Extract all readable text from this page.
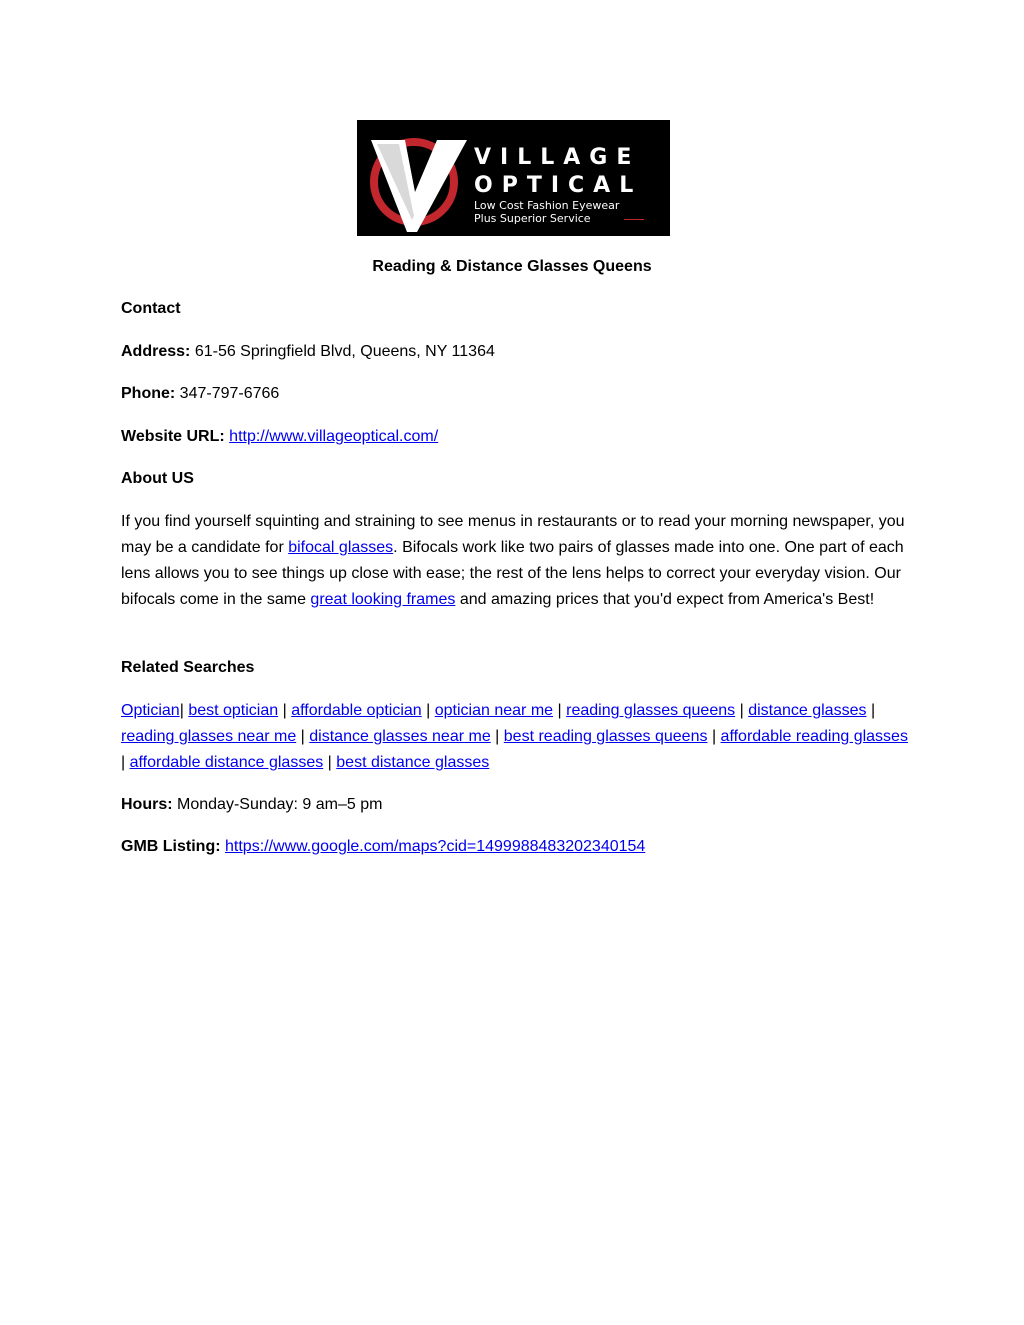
VILLAGE
OPTICAL
Low Cost Fashion Eyewear
Plus Superior Service
Reading & Distance Glasses Queens
Contact
Address: 61-56 Springfield Blvd, Queens, NY 11364
Phone: 347-797-6766
Website URL: http://www.villageoptical.com/
About US
If you find yourself squinting and straining to see menus in restaurants or to read your morning newspaper, you may be a candidate for bifocal glasses. Bifocals work like two pairs of glasses made into one. One part of each lens allows you to see things up close with ease; the rest of the lens helps to correct your everyday vision. Our bifocals come in the same great looking frames and amazing prices that you'd expect from America's Best!
Related Searches
Optician| best optician | affordable optician | optician near me | reading glasses queens | distance glasses | reading glasses near me | distance glasses near me | best reading glasses queens | affordable reading glasses | affordable distance glasses | best distance glasses
Hours: Monday-Sunday: 9 am–5 pm
GMB Listing: https://www.google.com/maps?cid=1499988483202340154
